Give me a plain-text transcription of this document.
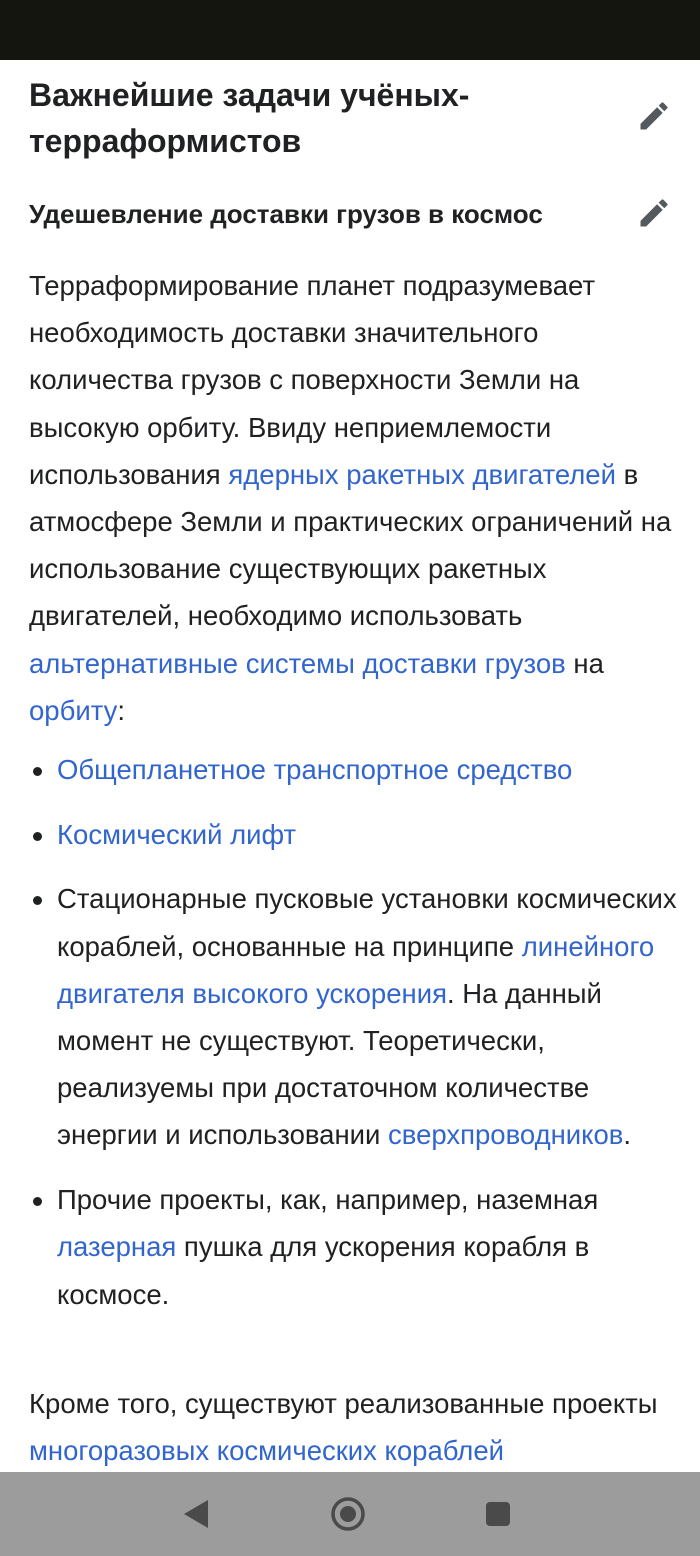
Важнейшие задачи учёных-терраформистов
Удешевление доставки грузов в космос

Терраформирование планет подразумевает необходимость доставки значительного количества грузов с поверхности Земли на высокую орбиту. Ввиду неприемлемости использования ядерных ракетных двигателей в атмосфере Земли и практических ограничений на использование существующих ракетных двигателей, необходимо использовать альтернативные системы доставки грузов на орбиту:

Общепланетное транспортное средство
Космический лифт
Стационарные пусковые установки космических кораблей, основанные на принципе линейного двигателя высокого ускорения. На данный момент не существуют. Теоретически, реализуемы при достаточном количестве энергии и использовании сверхпроводников.
Прочие проекты, как, например, наземная лазерная пушка для ускорения корабля в космосе.

Кроме того, существуют реализованные проекты многоразовых космических кораблей
